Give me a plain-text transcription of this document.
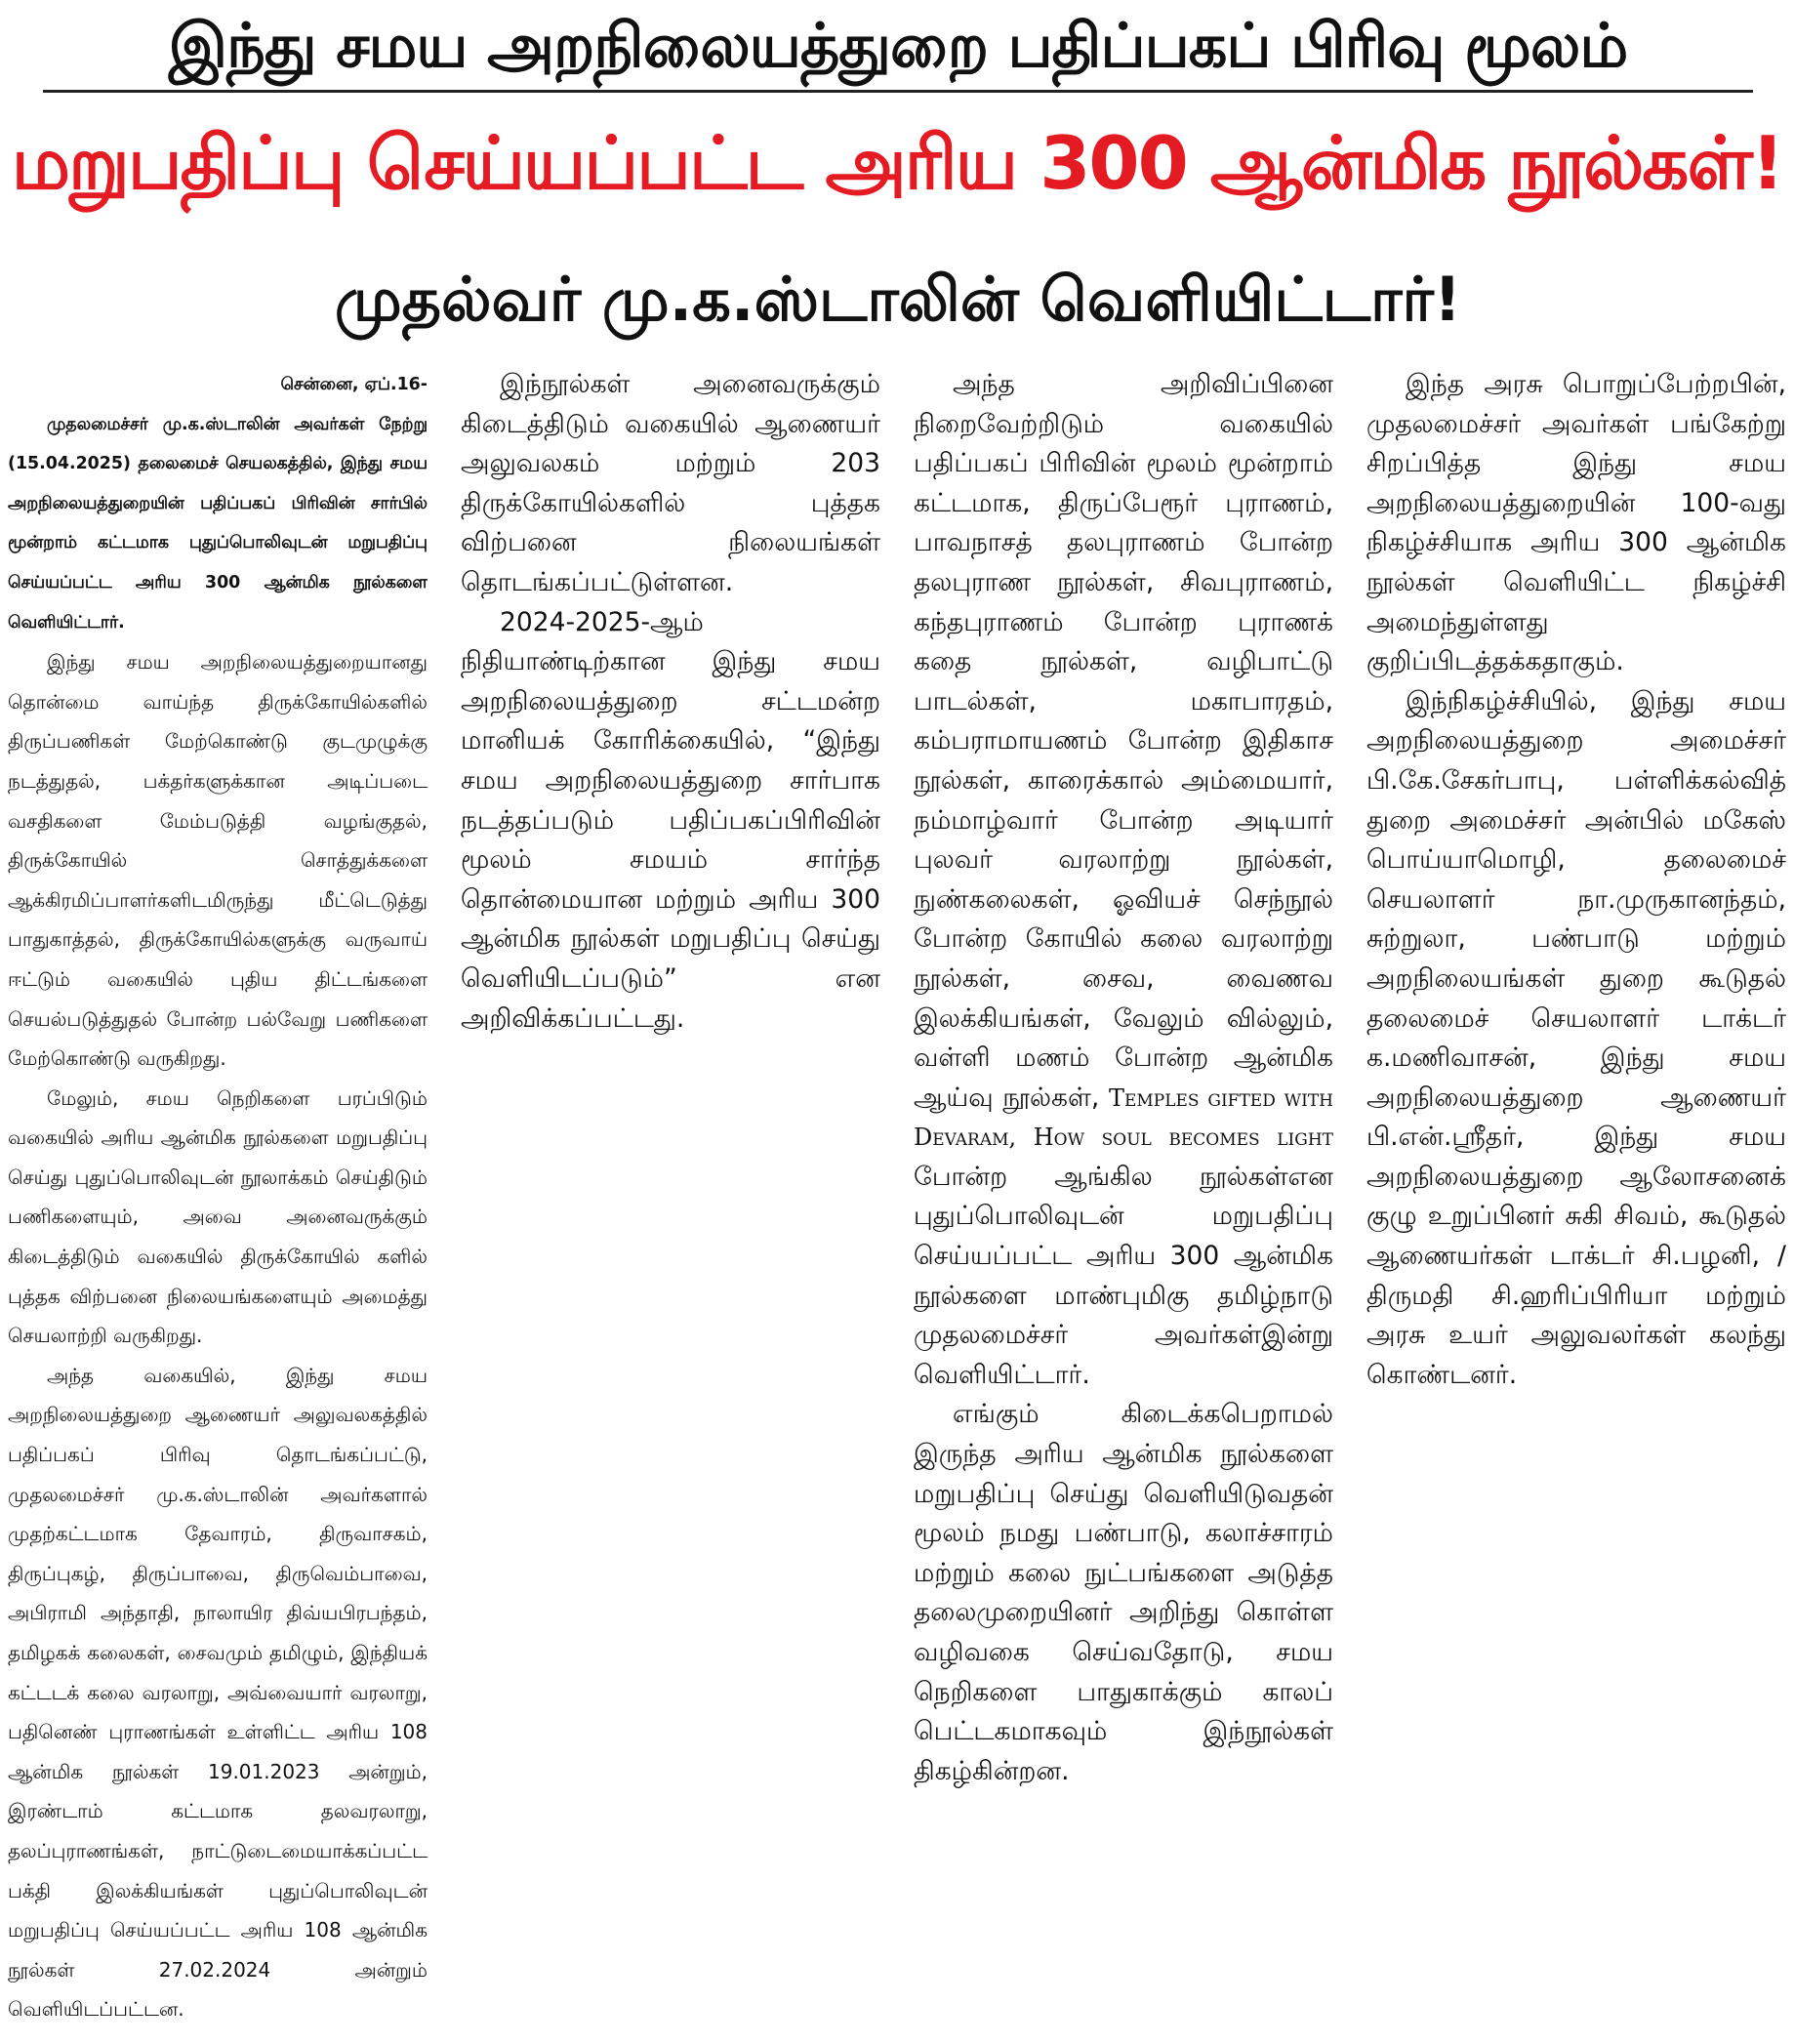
இந்து சமய அறநிலையத்துறை பதிப்பகப் பிரிவு மூலம்
மறுபதிப்பு செய்யப்பட்ட அரிய 300 ஆன்மிக நூல்கள்!
முதல்வர் மு.க.ஸ்டாலின் வெளியிட்டார்!

சென்னை, ஏப்.16-

முதலமைச்சர் மு.க.ஸ்டாலின் அவர்கள் நேற்று (15.04.2025) தலைமைச் செயலகத்தில், இந்து சமய அறநிலையத்துறையின் பதிப்பகப் பிரிவின் சார்பில் மூன்றாம் கட்டமாக புதுப்பொலிவுடன் மறுபதிப்பு செய்யப்பட்ட அரிய 300 ஆன்மிக நூல்களை வெளியிட்டார்.

இந்து சமய அறநிலையத்துறையானது தொன்மை வாய்ந்த திருக்கோயில்களில் திருப்பணிகள் மேற்கொண்டு குடமுழுக்கு நடத்துதல், பக்தர்களுக்கான அடிப்படை வசதிகளை மேம்படுத்தி வழங்குதல், திருக்கோயில் சொத்துக்களை ஆக்கிரமிப்பாளர்களிடமிருந்து மீட்டெடுத்து பாதுகாத்தல், திருக்கோயில்களுக்கு வருவாய் ஈட்டும் வகையில் புதிய திட்டங்களை செயல்படுத்துதல் போன்ற பல்வேறு பணிகளை மேற்கொண்டு வருகிறது.

மேலும், சமய நெறிகளை பரப்பிடும் வகையில் அரிய ஆன்மிக நூல்களை மறுபதிப்பு செய்து புதுப்பொலிவுடன் நூலாக்கம் செய்திடும் பணிகளையும், அவை அனைவருக்கும் கிடைத்திடும் வகையில் திருக்கோயில் களில் புத்தக விற்பனை நிலையங்களையும் அமைத்து செயலாற்றி வருகிறது.

அந்த வகையில், இந்து சமய அறநிலையத்துறை ஆணையர் அலுவலகத்தில் பதிப்பகப் பிரிவு தொடங்கப்பட்டு, முதலமைச்சர் மு.க.ஸ்டாலின் அவர்களால் முதற்கட்டமாக தேவாரம், திருவாசகம், திருப்புகழ், திருப்பாவை, திருவெம்பாவை, அபிராமி அந்தாதி, நாலாயிர திவ்யபிரபந்தம், தமிழகக் கலைகள், சைவமும் தமிழும், இந்தியக் கட்டடக் கலை வரலாறு, அவ்வையார் வரலாறு, பதினெண் புராணங்கள் உள்ளிட்ட அரிய 108 ஆன்மிக நூல்கள் 19.01.2023 அன்றும், இரண்டாம் கட்டமாக தலவரலாறு, தலப்புராணங்கள், நாட்டுடைமையாக்கப்பட்ட பக்தி இலக்கியங்கள் புதுப்பொலிவுடன் மறுபதிப்பு செய்யப்பட்ட அரிய 108 ஆன்மிக நூல்கள் 27.02.2024 அன்றும் வெளியிடப்பட்டன.

இந்நூல்கள் அனைவருக்கும் கிடைத்திடும் வகையில் ஆணையர் அலுவலகம் மற்றும் 203 திருக்கோயில்களில் புத்தக விற்பனை நிலையங்கள் தொடங்கப்பட்டுள்ளன.

2024-2025-ஆம் நிதியாண்டிற்கான இந்து சமய அறநிலையத்துறை சட்டமன்ற மானியக் கோரிக்கையில், “இந்து சமய அறநிலையத்துறை சார்பாக நடத்தப்படும் பதிப்பகப்பிரிவின் மூலம் சமயம் சார்ந்த தொன்மையான மற்றும் அரிய 300 ஆன்மிக நூல்கள் மறுபதிப்பு செய்து வெளியிடப்படும்” என அறிவிக்கப்பட்டது.

அந்த அறிவிப்பினை நிறைவேற்றிடும் வகையில் பதிப்பகப் பிரிவின் மூலம் மூன்றாம் கட்டமாக, திருப்பேரூர் புராணம், பாவநாசத் தலபுராணம் போன்ற தலபுராண நூல்கள், சிவபுராணம், கந்தபுராணம் போன்ற புராணக் கதை நூல்கள், வழிபாட்டு பாடல்கள், மகாபாரதம், கம்பராமாயணம் போன்ற இதிகாச நூல்கள், காரைக்கால் அம்மையார், நம்மாழ்வார் போன்ற அடியார் புலவர் வரலாற்று நூல்கள், நுண்கலைகள், ஓவியச் செந்நூல் போன்ற கோயில் கலை வரலாற்று நூல்கள், சைவ, வைணவ இலக்கியங்கள், வேலும் வில்லும், வள்ளி மணம் போன்ற ஆன்மிக ஆய்வு நூல்கள், Temples gifted with Devaram, How soul becomes light போன்ற ஆங்கில நூல்கள்என புதுப்பொலிவுடன் மறுபதிப்பு செய்யப்பட்ட அரிய 300 ஆன்மிக நூல்களை மாண்புமிகு தமிழ்நாடு முதலமைச்சர் அவர்கள்இன்று வெளியிட்டார்.

எங்கும் கிடைக்கபெறாமல் இருந்த அரிய ஆன்மிக நூல்களை மறுபதிப்பு செய்து வெளியிடுவதன் மூலம் நமது பண்பாடு, கலாச்சாரம் மற்றும் கலை நுட்பங்களை அடுத்த தலைமுறையினர் அறிந்து கொள்ள வழிவகை செய்வதோடு, சமய நெறிகளை பாதுகாக்கும் காலப் பெட்டகமாகவும் இந்நூல்கள் திகழ்கின்றன.

இந்த அரசு பொறுப்பேற்றபின், முதலமைச்சர் அவர்கள் பங்கேற்று சிறப்பித்த இந்து சமய அறநிலையத்துறையின் 100-வது நிகழ்ச்சியாக அரிய 300 ஆன்மிக நூல்கள் வெளியிட்ட நிகழ்ச்சி அமைந்துள்ளது குறிப்பிடத்தக்கதாகும்.

இந்நிகழ்ச்சியில், இந்து சமய அறநிலையத்துறை அமைச்சர் பி.கே.சேகர்பாபு, பள்ளிக்கல்வித் துறை அமைச்சர் அன்பில் மகேஸ் பொய்யாமொழி, தலைமைச் செயலாளர் நா.முருகானந்தம், சுற்றுலா, பண்பாடு மற்றும் அறநிலையங்கள் துறை கூடுதல் தலைமைச் செயலாளர் டாக்டர் க.மணிவாசன், இந்து சமய அறநிலையத்துறை ஆணையர் பி.என்.ஸ்ரீதர், இந்து சமய அறநிலையத்துறை ஆலோசனைக் குழு உறுப்பினர் சுகி சிவம், கூடுதல் ஆணையர்கள் டாக்டர் சி.பழனி, /திருமதி சி.ஹரிப்பிரியா மற்றும் அரசு உயர் அலுவலர்கள் கலந்து கொண்டனர்.
